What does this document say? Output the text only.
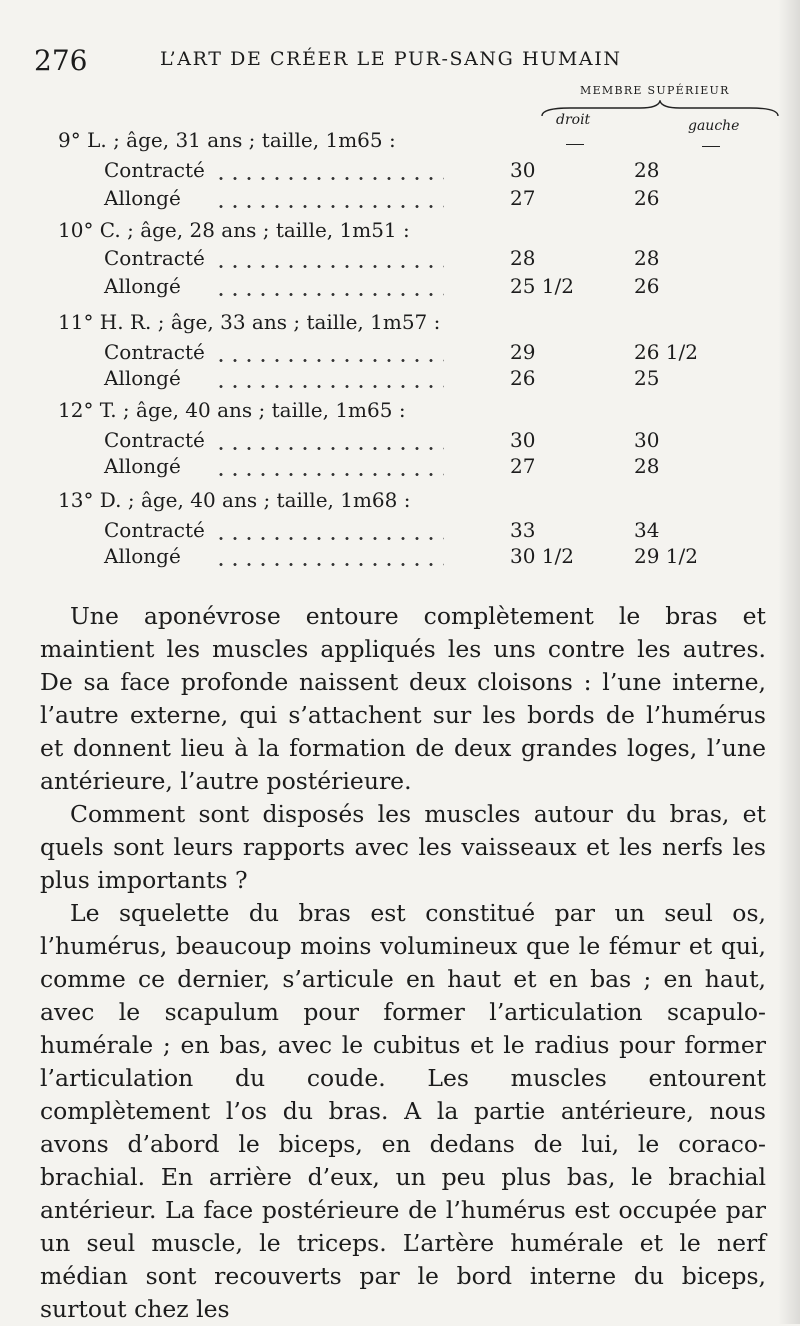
276	L’ART DE CRÉER LE PUR-SANG HUMAIN
MEMBRE SUPÉRIEUR
droit	gauche
9° L. ; âge, 31 ans ; taille, 1m65 :
Contracté	30	28
Allongé	27	26
10° C. ; âge, 28 ans ; taille, 1m51 :
Contracté	28	28
Allongé	25 1/2	26
11° H. R. ; âge, 33 ans ; taille, 1m57 :
Contracté	29	26 1/2
Allongé	26	25
12° T. ; âge, 40 ans ; taille, 1m65 :
Contracté	30	30
Allongé	27	28
13° D. ; âge, 40 ans ; taille, 1m68 :
Contracté	33	34
Allongé	30 1/2	29 1/2

Une aponévrose entoure complètement le bras et maintient les muscles appliqués les uns contre les autres. De sa face profonde naissent deux cloisons : l’une interne, l’autre externe, qui s’attachent sur les bords de l’humérus et donnent lieu à la formation de deux grandes loges, l’une antérieure, l’autre postérieure.

Comment sont disposés les muscles autour du bras, et quels sont leurs rapports avec les vaisseaux et les nerfs les plus importants ?

Le squelette du bras est constitué par un seul os, l’humérus, beaucoup moins volumineux que le fémur et qui, comme ce dernier, s’articule en haut et en bas ; en haut, avec le scapulum pour former l’articulation scapulo-humérale ; en bas, avec le cubitus et le radius pour former l’articulation du coude. Les muscles entourent complètement l’os du bras. A la partie antérieure, nous avons d’abord le biceps, en dedans de lui, le coraco-brachial. En arrière d’eux, un peu plus bas, le brachial antérieur. La face postérieure de l’humérus est occupée par un seul muscle, le triceps. L’artère humérale et le nerf médian sont recouverts par le bord interne du biceps, surtout chez les
